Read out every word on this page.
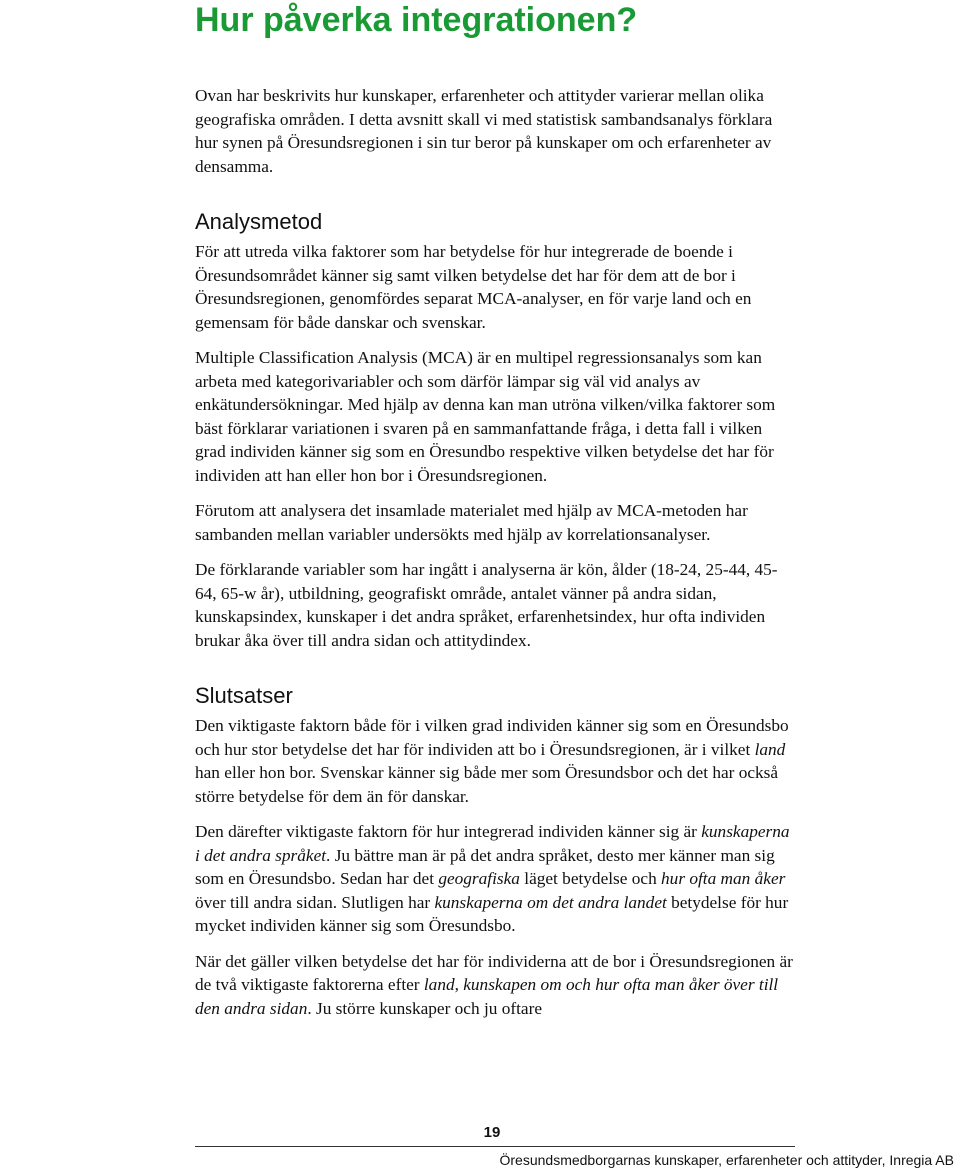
Hur påverka integrationen?

Ovan har beskrivits hur kunskaper, erfarenheter och attityder varierar mellan olika geografiska områden. I detta avsnitt skall vi med statistisk sambandsanalys förklara hur synen på Öresundsregionen i sin tur beror på kunskaper om och erfarenheter av densamma.

Analysmetod

För att utreda vilka faktorer som har betydelse för hur integrerade de boende i Öresundsområdet känner sig samt vilken betydelse det har för dem att de bor i Öresundsregionen, genomfördes separat MCA-analyser, en för varje land och en gemensam för både danskar och svenskar.

Multiple Classification Analysis (MCA) är en multipel regressionsanalys som kan arbeta med kategorivariabler och som därför lämpar sig väl vid analys av enkätundersökningar. Med hjälp av denna kan man utröna vilken/vilka faktorer som bäst förklarar variationen i svaren på en sammanfattande fråga, i detta fall i vilken grad individen känner sig som en Öresundbo respektive vilken betydelse det har för individen att han eller hon bor i Öresundsregionen.

Förutom att analysera det insamlade materialet med hjälp av MCA-metoden har sambanden mellan variabler undersökts med hjälp av korrelationsanalyser.

De förklarande variabler som har ingått i analyserna är kön, ålder (18-24, 25-44, 45-64, 65-w år), utbildning, geografiskt område, antalet vänner på andra sidan, kunskapsindex, kunskaper i det andra språket, erfarenhetsindex, hur ofta individen brukar åka över till andra sidan och attitydindex.

Slutsatser

Den viktigaste faktorn både för i vilken grad individen känner sig som en Öresundsbo och hur stor betydelse det har för individen att bo i Öresundsregionen, är i vilket land han eller hon bor. Svenskar känner sig både mer som Öresundsbor och det har också större betydelse för dem än för danskar.

Den därefter viktigaste faktorn för hur integrerad individen känner sig är kunskaperna i det andra språket. Ju bättre man är på det andra språket, desto mer känner man sig som en Öresundsbo. Sedan har det geografiska läget betydelse och hur ofta man åker över till andra sidan. Slutligen har kunskaperna om det andra landet betydelse för hur mycket individen känner sig som Öresundsbo.

När det gäller vilken betydelse det har för individerna att de bor i Öresundsregionen är de två viktigaste faktorerna efter land, kunskapen om och hur ofta man åker över till den andra sidan. Ju större kunskaper och ju oftare

19
Öresundsmedborgarnas kunskaper, erfarenheter och attityder, Inregia AB
